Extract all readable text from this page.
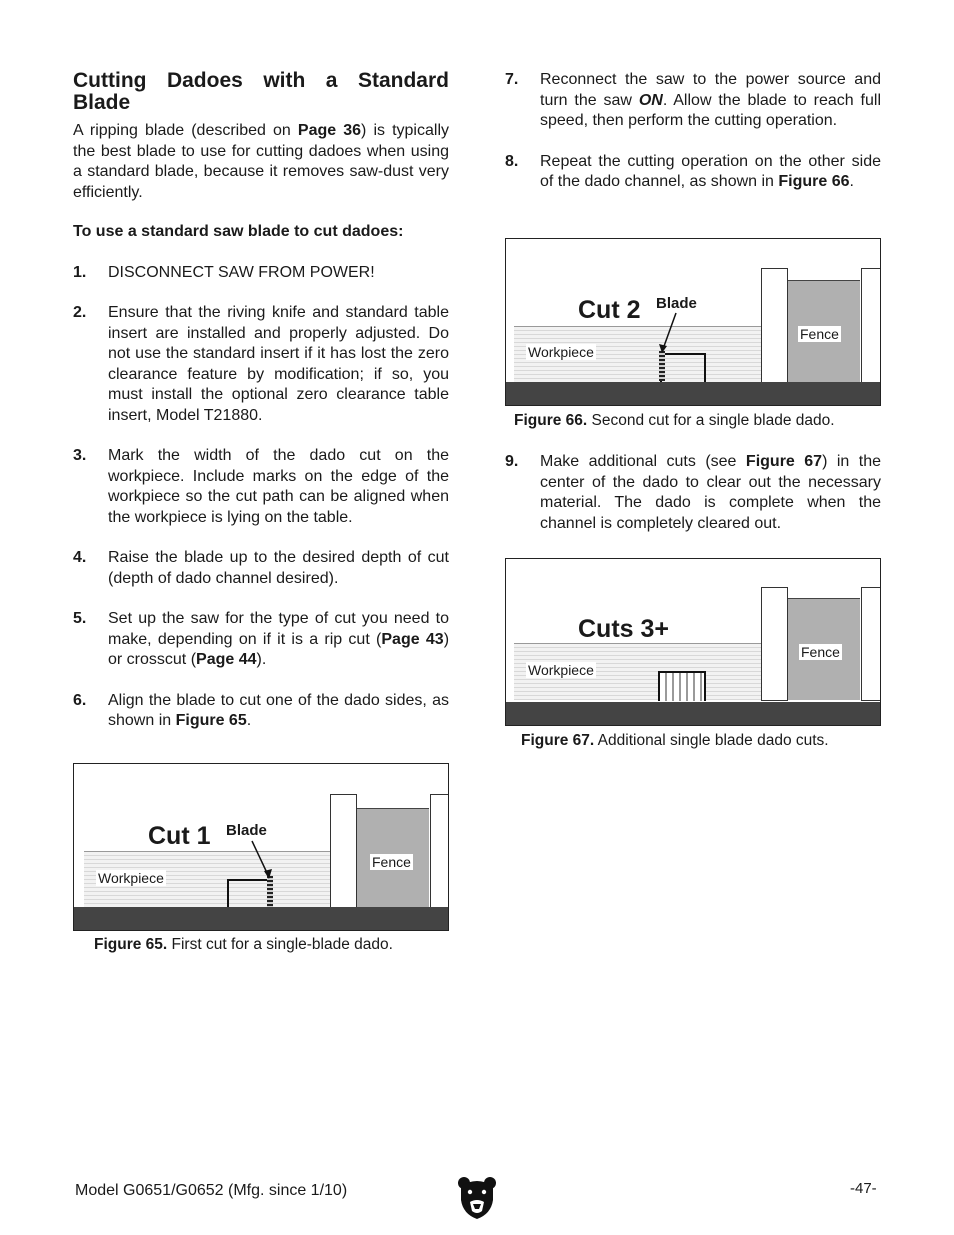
Cutting Dadoes with a Standard
Blade

A ripping blade (described on Page 36) is typically the best blade to use for cutting dadoes when using a standard blade, because it removes saw-dust very efficiently.

To use a standard saw blade to cut dadoes:

1. DISCONNECT SAW FROM POWER!
2. Ensure that the riving knife and standard table insert are installed and properly adjusted. Do not use the standard insert if it has lost the zero clearance feature by modification; if so, you must install the optional zero clearance table insert, Model T21880.
3. Mark the width of the dado cut on the workpiece. Include marks on the edge of the workpiece so the cut path can be aligned when the workpiece is lying on the table.
4. Raise the blade up to the desired depth of cut (depth of dado channel desired).
5. Set up the saw for the type of cut you need to make, depending on if it is a rip cut (Page 43) or crosscut (Page 44).
6. Align the blade to cut one of the dado sides, as shown in Figure 65.
Workpiece
Fence
Cut 1 Blade
Figure 65. First cut for a single-blade dado.
7. Reconnect the saw to the power source and turn the saw ON. Allow the blade to reach full speed, then perform the cutting operation.
8. Repeat the cutting operation on the other side of the dado channel, as shown in Figure 66.
Workpiece
Fence
Cut 2 Blade
Figure 66. Second cut for a single blade dado.
9. Make additional cuts (see Figure 67) in the center of the dado to clear out the necessary material. The dado is complete when the channel is completely cleared out.
Workpiece
Fence
Cuts 3+
Figure 67. Additional single blade dado cuts.
Model G0651/G0652 (Mfg. since 1/10)	-47-
